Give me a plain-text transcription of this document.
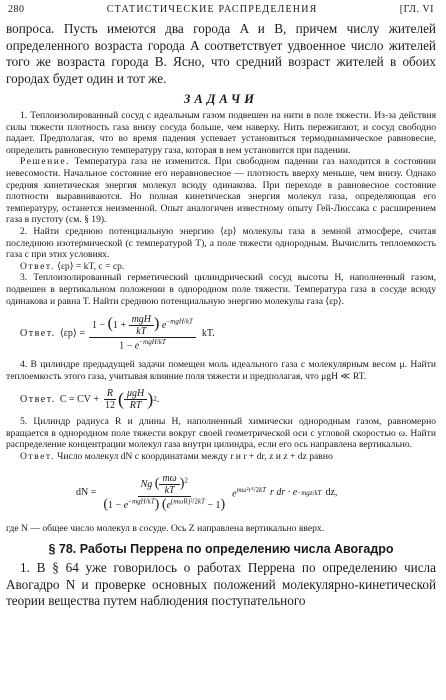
280	СТАТИСТИЧЕСКИЕ РАСПРЕДЕЛЕНИЯ	[ГЛ. VI

вопроса. Пусть имеются два города A и B, причем числу жителей определенного возраста города A соответствует удвоенное число жителей того же возраста города B. Ясно, что средний возраст жителей в обоих городах будет один и тот же.

ЗАДАЧИ

1. Теплоизолированный сосуд с идеальным газом подвешен на нити в поле тяжести. Из-за действия силы тяжести плотность газа внизу сосуда больше, чем наверху. Нить пережигают, и сосуд свободно падает. Предполагая, что во время падения успевает установиться термодинамическое равновесие, определить равновесную температуру газа, которая в нем установится при падении.

Решение. Температура газа не изменится. При свободном падении газ находится в состоянии невесомости. Начальное состояние его неравновесное — плотность вверху меньше, чем внизу. Однако средняя кинетическая энергия молекул всюду одинакова. При переходе в равновесное состояние плотности выравниваются. Но полная кинетическая энергия молекул газа, определяющая его температуру, останется неизменной. Опыт аналогичен известному опыту Гей-Люссака с расширением газа в пустоту (см. § 19).

2. Найти среднюю потенциальную энергию ⟨εp⟩ молекулы газа в земной атмосфере, считая последнюю изотермической (с температурой T), а поле тяжести однородным. Вычислить теплоемкость газа c при этих условиях.

Ответ. ⟨εp⟩ = kT, c = cp.

3. Теплоизолированный герметический цилиндрический сосуд высоты H, наполненный газом, подвешен в вертикальном положении в однородном поле тяжести. Температура газа в сосуде всюду одинакова и равна T. Найти среднюю потенциальную энергию молекулы газа ⟨εp⟩.

Ответ. ⟨εp⟩ = $\frac{1 - (1 + \frac{\text{mgH}}{kT} ) e^{-mgH/kT}}{1 - e^{-mgH/kT}}$ kT.

4. В цилиндре предыдущей задачи помещен моль идеального газа с молекулярным весом μ. Найти теплоемкость этого газа, учитывая влияние поля тяжести и предполагая, что μgH ≪ RT.

Ответ. C = CV + $\frac{R}{12}$ ( $\frac{\text{μgH}}{RT}$ ) 2 .

5. Цилиндр радиуса R и длины H, наполненный химически однородным газом, равномерно вращается в однородном поле тяжести вокруг своей геометрической оси с угловой скоростью ω. Найти распределение концентрации молекул газа внутри цилиндра, если его ось направлена вертикально.

Ответ. Число молекул dN с координатами между r и r + dr, z и z + dz равно

dN = $\frac{Ng ( \frac{m\omega}{kT} )^2}{(1 - e^{-mgH/kT}) (e^{(m\omega R)^2/2kT} - 1)} e^{m\omega^2r^2/2kT}$ r dr · e −mgz/kT dz,

где N — общее число молекул в сосуде. Ось Z направлена вертикально вверх.

§ 78. Работы Перрена по определению числа Авогадро

1. В § 64 уже говорилось о работах Перрена по определению числа Авогадро N и проверке основных положений молекулярно-кинетической теории вещества путем наблюдения поступательного
